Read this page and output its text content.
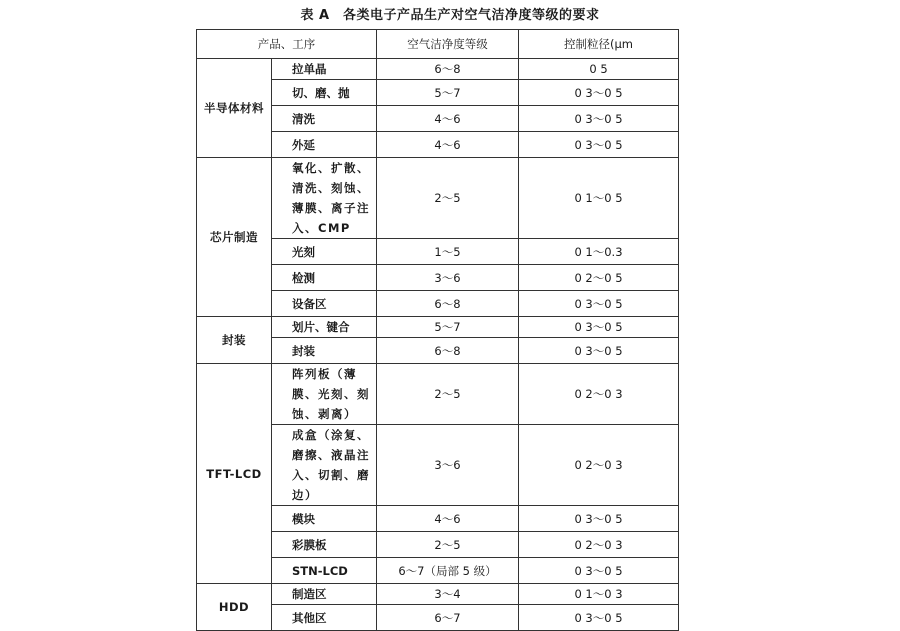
表 A　各类电子产品生产对空气洁净度等级的要求
产品、工序		空气洁净度等级	控制粒径(μm
半导体材料	拉单晶	6～8	0 5
	切、磨、抛	5～7	0 3～0 5
	清洗	4～6	0 3～0 5
	外延	4～6	0 3～0 5
芯片制造	氧化、扩散、清洗、刻蚀、薄膜、离子注入、CMP	2～5	0 1～0 5
	光刻	1～5	0 1～0.3
	检测	3～6	0 2～0 5
	设备区	6～8	0 3～0 5
封装	划片、键合	5～7	0 3～0 5
	封装	6～8	0 3～0 5
TFT-LCD	阵列板（薄膜、光刻、刻蚀、剥离）	2～5	0 2～0 3
	成盒（涂复、磨擦、液晶注入、切割、磨边）	3～6	0 2～0 3
	模块	4～6	0 3～0 5
	彩膜板	2～5	0 2～0 3
	STN-LCD	6～7（局部 5 级）	0 3～0 5
HDD	制造区	3～4	0 1～0 3
	其他区	6～7	0 3～0 5
